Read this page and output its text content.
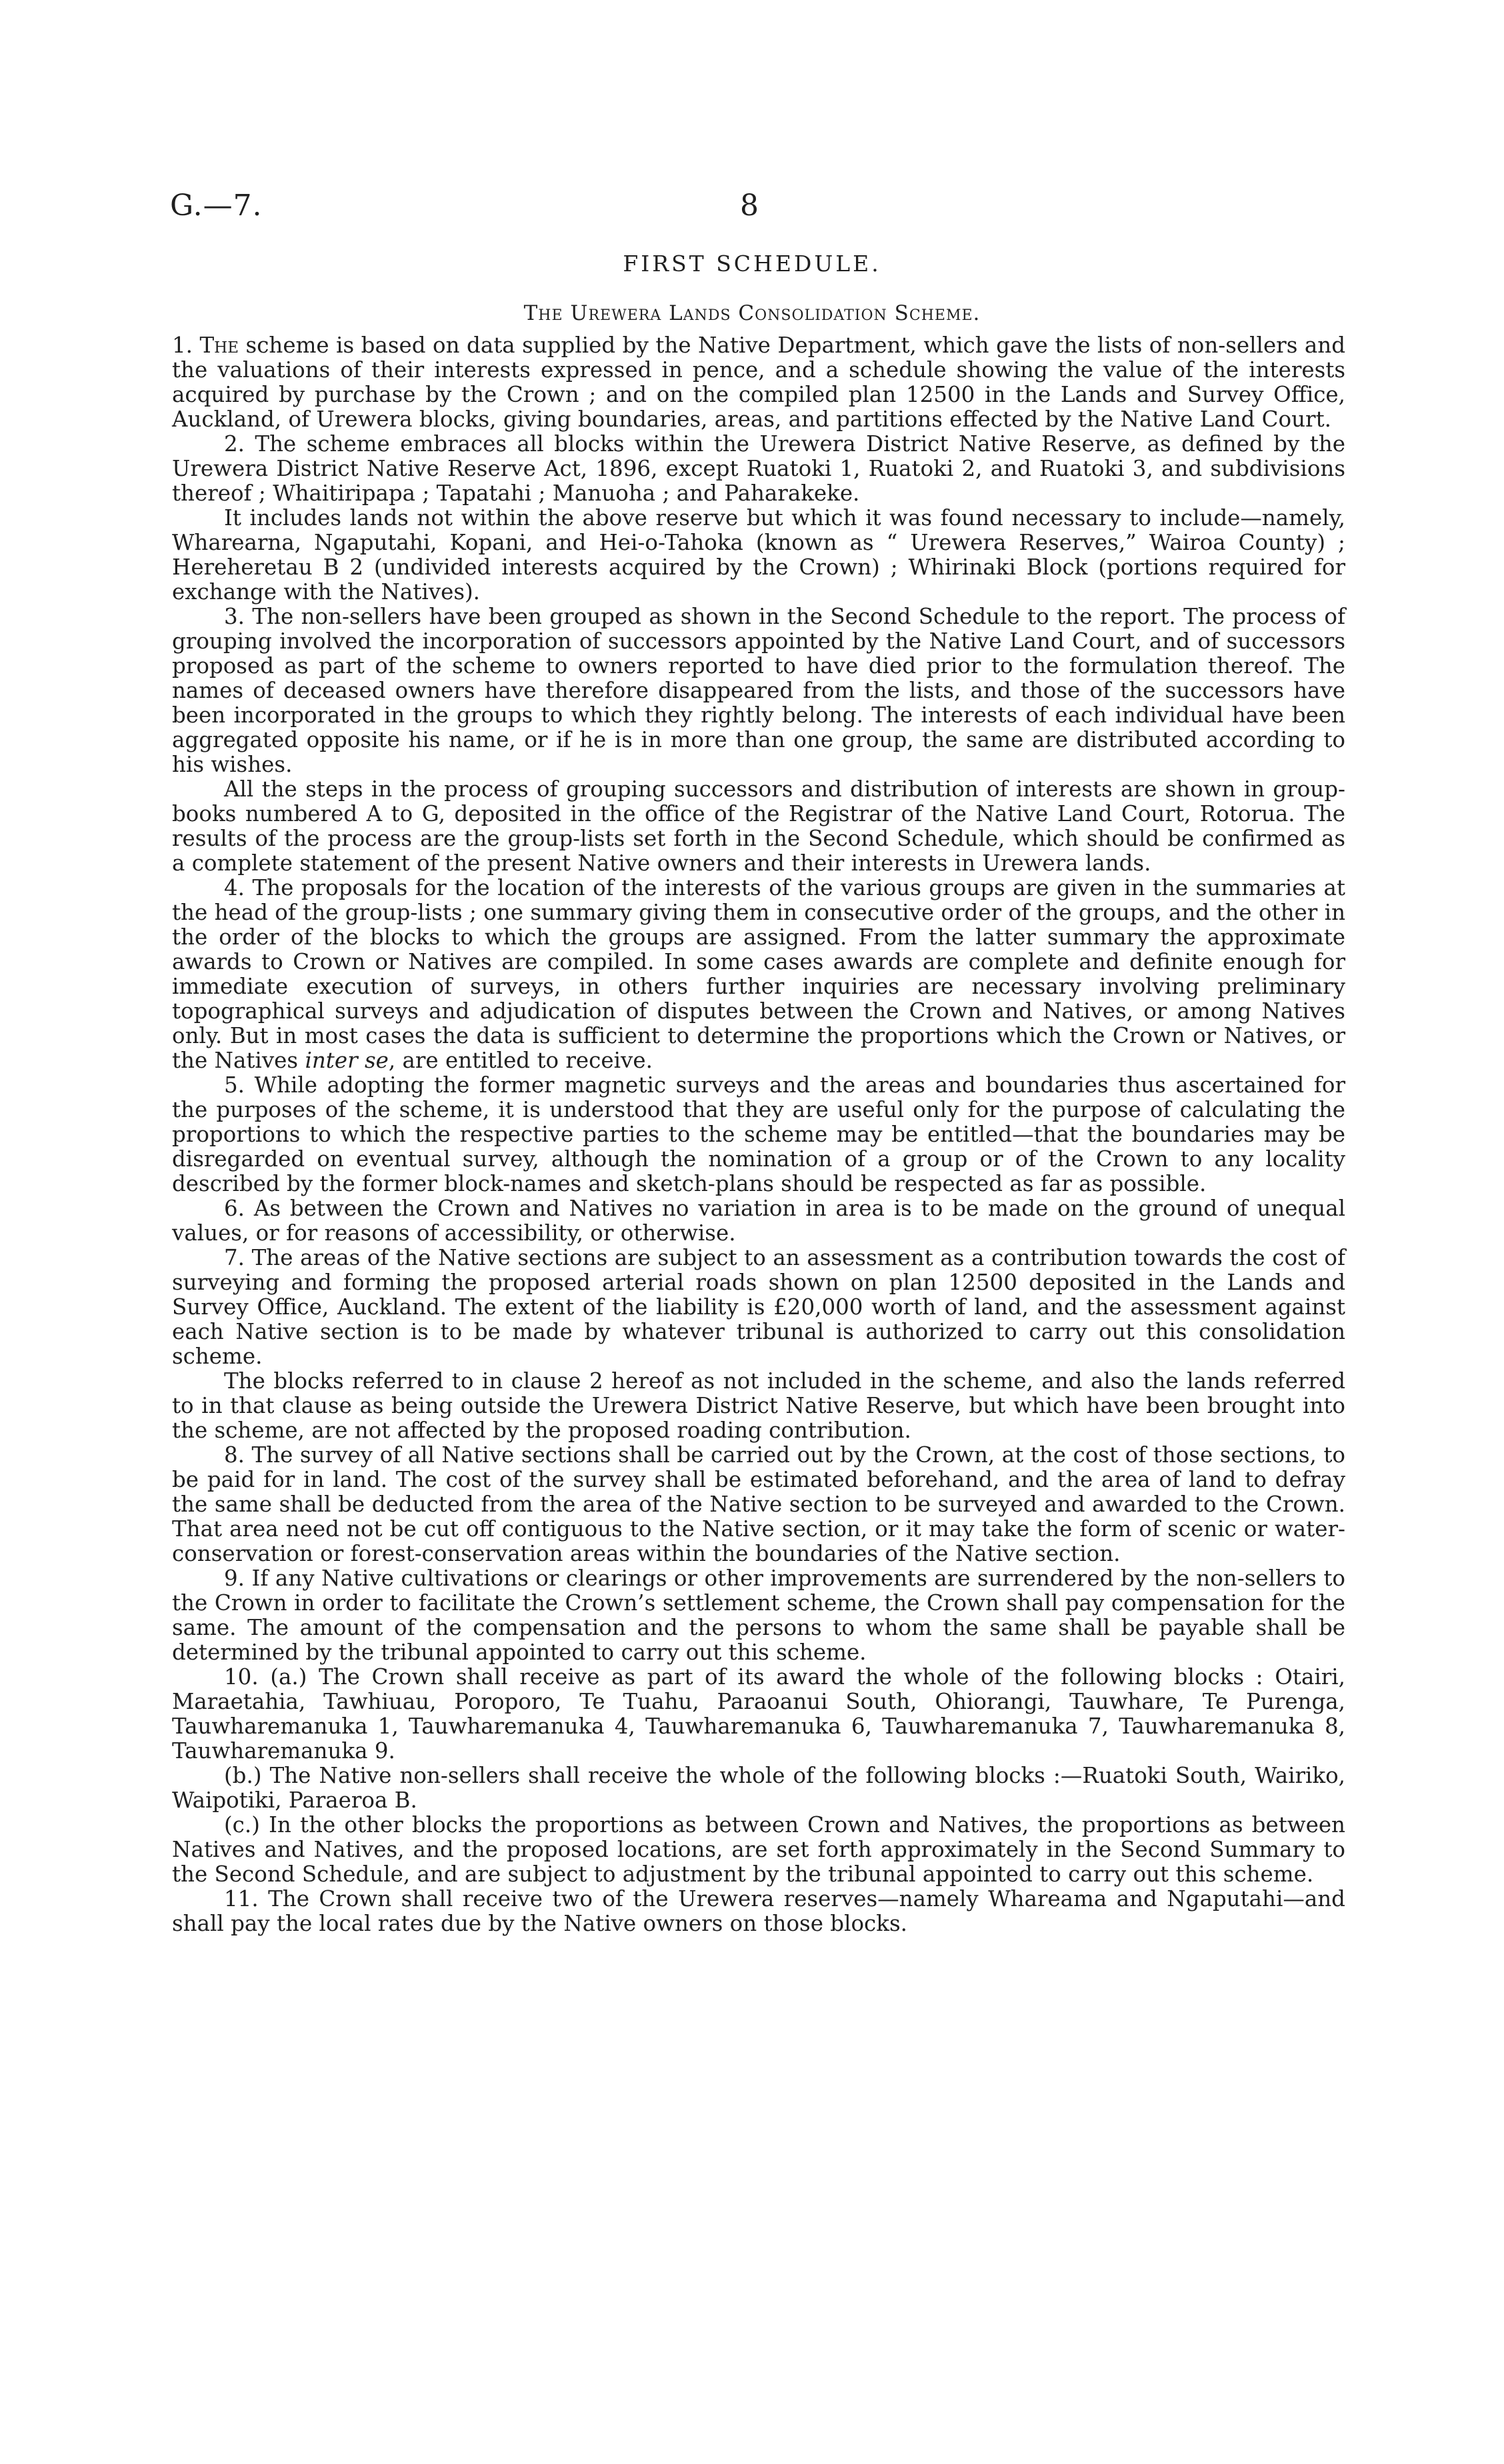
G.—7.	8
FIRST SCHEDULE.
The Urewera Lands Consolidation Scheme.

1. The scheme is based on data supplied by the Native Department, which gave the lists of non-sellers and the valuations of their interests expressed in pence, and a schedule showing the value of the interests acquired by purchase by the Crown ; and on the compiled plan 12500 in the Lands and Survey Office, Auckland, of Urewera blocks, giving boundaries, areas, and partitions effected by the Native Land Court.

2. The scheme embraces all blocks within the Urewera District Native Reserve, as defined by the Urewera District Native Reserve Act, 1896, except Ruatoki 1, Ruatoki 2, and Ruatoki 3, and subdivisions thereof ; Whaitiripapa ; Tapatahi ; Manuoha ; and Paharakeke.

It includes lands not within the above reserve but which it was found necessary to include—namely, Wharearna, Ngaputahi, Kopani, and Hei-o-Tahoka (known as “ Urewera Reserves,” Wairoa County) ; Hereheretau B 2 (undivided interests acquired by the Crown) ; Whirinaki Block (portions required for exchange with the Natives).

3. The non-sellers have been grouped as shown in the Second Schedule to the report. The process of grouping involved the incorporation of successors appointed by the Native Land Court, and of successors proposed as part of the scheme to owners reported to have died prior to the formulation thereof. The names of deceased owners have therefore disappeared from the lists, and those of the successors have been incorporated in the groups to which they rightly belong. The interests of each individual have been aggregated opposite his name, or if he is in more than one group, the same are distributed according to his wishes.

All the steps in the process of grouping successors and distribution of interests are shown in group-books numbered A to G, deposited in the office of the Registrar of the Native Land Court, Rotorua. The results of the process are the group-lists set forth in the Second Schedule, which should be confirmed as a complete statement of the present Native owners and their interests in Urewera lands.

4. The proposals for the location of the interests of the various groups are given in the summaries at the head of the group-lists ; one summary giving them in consecutive order of the groups, and the other in the order of the blocks to which the groups are assigned. From the latter summary the approximate awards to Crown or Natives are compiled. In some cases awards are complete and definite enough for immediate execution of surveys, in others further inquiries are necessary involving preliminary topographical surveys and adjudication of disputes between the Crown and Natives, or among Natives only. But in most cases the data is sufficient to determine the proportions which the Crown or Natives, or the Natives inter se, are entitled to receive.

5. While adopting the former magnetic surveys and the areas and boundaries thus ascertained for the purposes of the scheme, it is understood that they are useful only for the purpose of calculating the proportions to which the respective parties to the scheme may be entitled—that the boundaries may be disregarded on eventual survey, although the nomination of a group or of the Crown to any locality described by the former block-names and sketch-plans should be respected as far as possible.

6. As between the Crown and Natives no variation in area is to be made on the ground of unequal values, or for reasons of accessibility, or otherwise.

7. The areas of the Native sections are subject to an assessment as a contribution towards the cost of surveying and forming the proposed arterial roads shown on plan 12500 deposited in the Lands and Survey Office, Auckland. The extent of the liability is £20,000 worth of land, and the assessment against each Native section is to be made by whatever tribunal is authorized to carry out this consolidation scheme.

The blocks referred to in clause 2 hereof as not included in the scheme, and also the lands referred to in that clause as being outside the Urewera District Native Reserve, but which have been brought into the scheme, are not affected by the proposed roading contribution.

8. The survey of all Native sections shall be carried out by the Crown, at the cost of those sections, to be paid for in land. The cost of the survey shall be estimated beforehand, and the area of land to defray the same shall be deducted from the area of the Native section to be surveyed and awarded to the Crown. That area need not be cut off contiguous to the Native section, or it may take the form of scenic or water-conservation or forest-conservation areas within the boundaries of the Native section.

9. If any Native cultivations or clearings or other improvements are surrendered by the non-sellers to the Crown in order to facilitate the Crown’s settlement scheme, the Crown shall pay compensation for the same. The amount of the compensation and the persons to whom the same shall be payable shall be determined by the tribunal appointed to carry out this scheme.

10. (a.) The Crown shall receive as part of its award the whole of the following blocks : Otairi, Maraetahia, Tawhiuau, Poroporo, Te Tuahu, Paraoanui South, Ohiorangi, Tauwhare, Te Purenga, Tauwharemanuka 1, Tauwharemanuka 4, Tauwharemanuka 6, Tauwharemanuka 7, Tauwharemanuka 8, Tauwharemanuka 9.

(b.) The Native non-sellers shall receive the whole of the following blocks :—Ruatoki South, Wairiko, Waipotiki, Paraeroa B.

(c.) In the other blocks the proportions as between Crown and Natives, the proportions as between Natives and Natives, and the proposed locations, are set forth approximately in the Second Summary to the Second Schedule, and are subject to adjustment by the tribunal appointed to carry out this scheme.

11. The Crown shall receive two of the Urewera reserves—namely Whareama and Ngaputahi—and shall pay the local rates due by the Native owners on those blocks.
